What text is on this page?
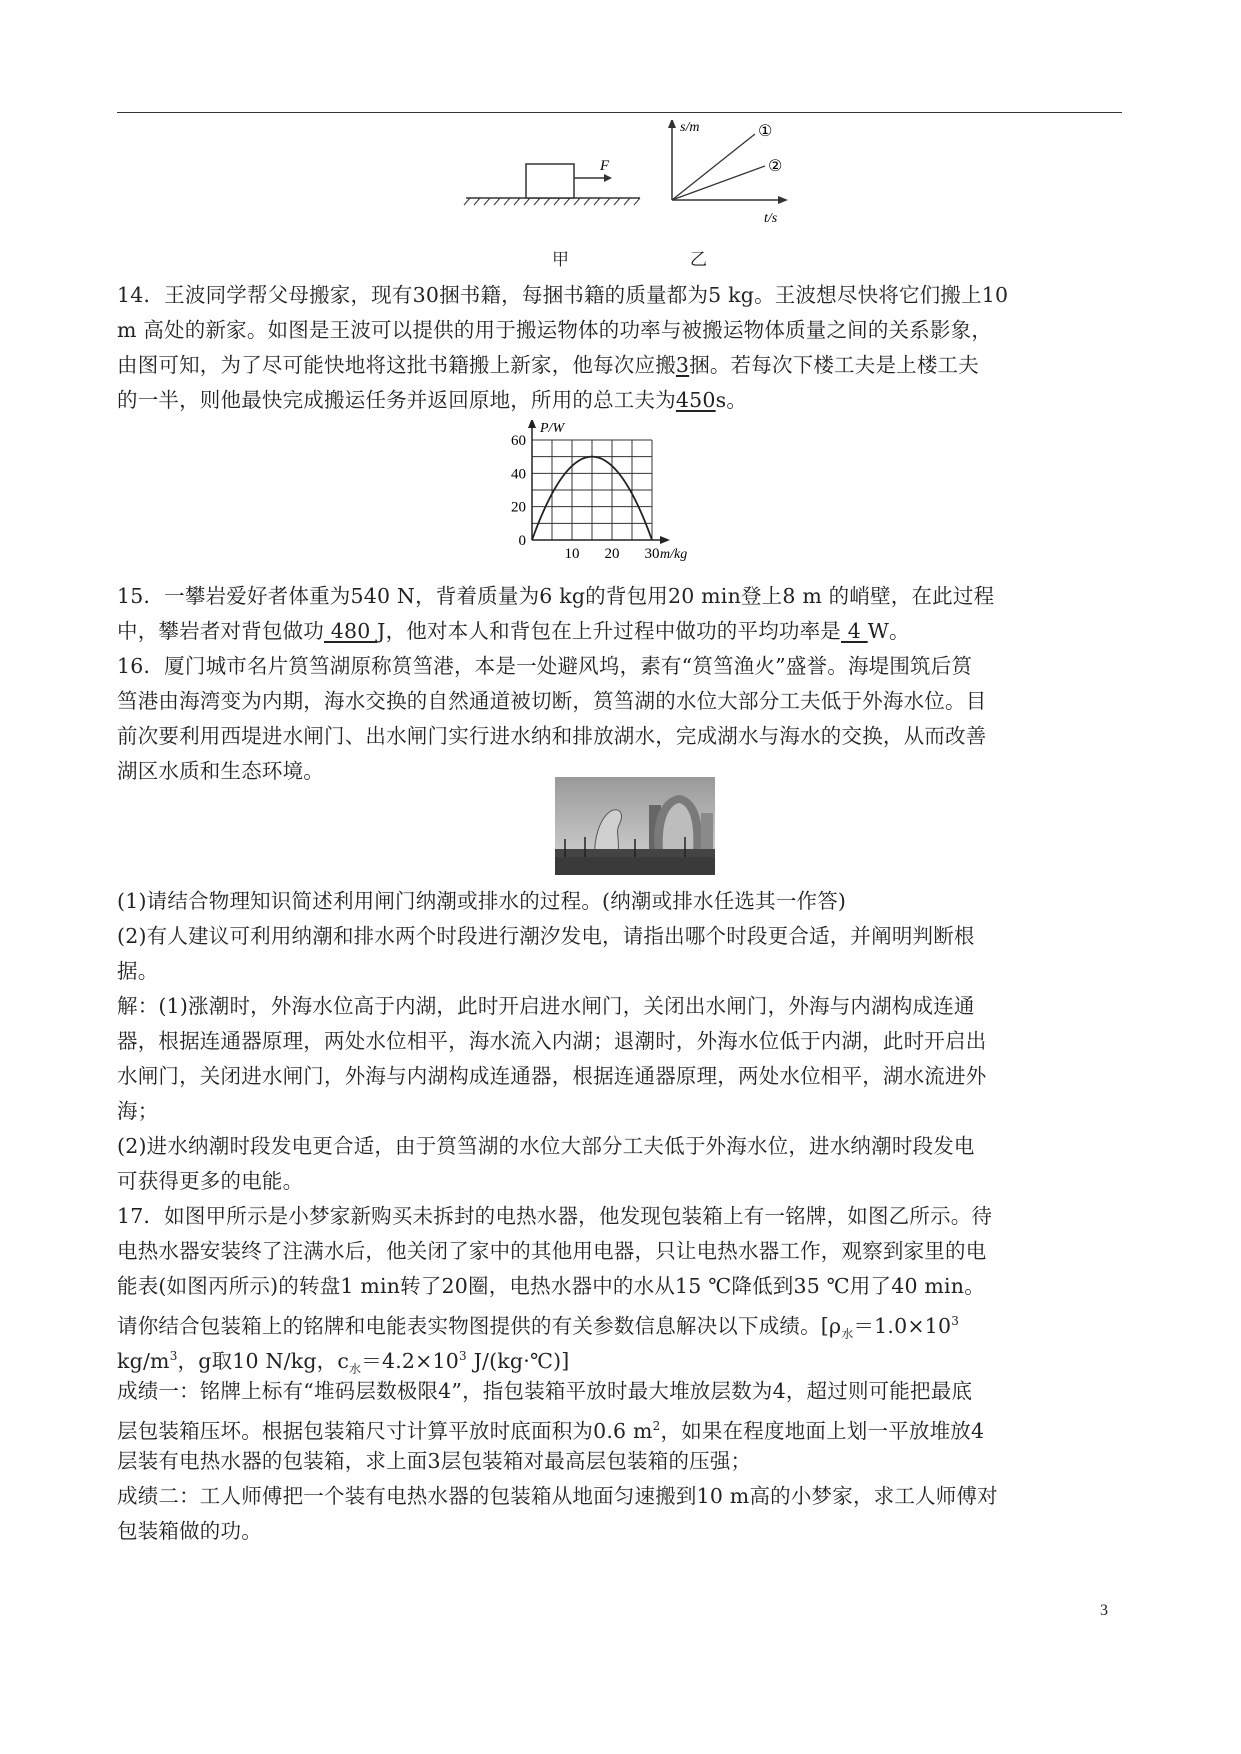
F
s/m	①
②
t/s
甲	乙
14．王波同学帮父母搬家，现有30捆书籍，每捆书籍的质量都为5 kg。王波想尽快将它们搬上10
m 高处的新家。如图是王波可以提供的用于搬运物体的功率与被搬运物体质量之间的关系影象，
由图可知，为了尽可能快地将这批书籍搬上新家，他每次应搬3捆。若每次下楼工夫是上楼工夫
的一半，则他最快完成搬运任务并返回原地，所用的总工夫为450s。
0
20
40
60
10 20 30
P/W
m/kg
15．一攀岩爱好者体重为540 N，背着质量为6 kg的背包用20 min登上8 m 的峭壁，在此过程
中，攀岩者对背包做功 480 J，他对本人和背包在上升过程中做功的平均功率是 4 W。
16．厦门城市名片筼筜湖原称筼筜港，本是一处避风坞，素有“筼筜渔火”盛誉。海堤围筑后筼
筜港由海湾变为内期，海水交换的自然通道被切断，筼筜湖的水位大部分工夫低于外海水位。目
前次要利用西堤进水闸门、出水闸门实行进水纳和排放湖水，完成湖水与海水的交换，从而改善
湖区水质和生态环境。
(1)请结合物理知识简述利用闸门纳潮或排水的过程。(纳潮或排水任选其一作答)
(2)有人建议可利用纳潮和排水两个时段进行潮汐发电，请指出哪个时段更合适，并阐明判断根
据。
解：(1)涨潮时，外海水位高于内湖，此时开启进水闸门，关闭出水闸门，外海与内湖构成连通
器，根据连通器原理，两处水位相平，海水流入内湖；退潮时，外海水位低于内湖，此时开启出
水闸门，关闭进水闸门，外海与内湖构成连通器，根据连通器原理，两处水位相平，湖水流进外
海；
(2)进水纳潮时段发电更合适，由于筼筜湖的水位大部分工夫低于外海水位，进水纳潮时段发电
可获得更多的电能。
17．如图甲所示是小梦家新购买未拆封的电热水器，他发现包装箱上有一铭牌，如图乙所示。待
电热水器安装终了注满水后，他关闭了家中的其他用电器，只让电热水器工作，观察到家里的电
能表(如图丙所示)的转盘1 min转了20圈，电热水器中的水从15 ℃降低到35 ℃用了40 min。
请你结合包装箱上的铭牌和电能表实物图提供的有关参数信息解决以下成绩。[$\rho_水=1.0\times 10^3$
$kg/m^3$，g取10 N/kg，$c_水=4.2\times 10^3$ J/(kg·℃)]
成绩一：铭牌上标有“堆码层数极限4”，指包装箱平放时最大堆放层数为4，超过则可能把最底
层包装箱压坏。根据包装箱尺寸计算平放时底面积为0.6 $m^2$，如果在程度地面上划一平放堆放4
层装有电热水器的包装箱，求上面3层包装箱对最高层包装箱的压强；
成绩二：工人师傅把一个装有电热水器的包装箱从地面匀速搬到10 m高的小梦家，求工人师傅对
包装箱做的功。
3
